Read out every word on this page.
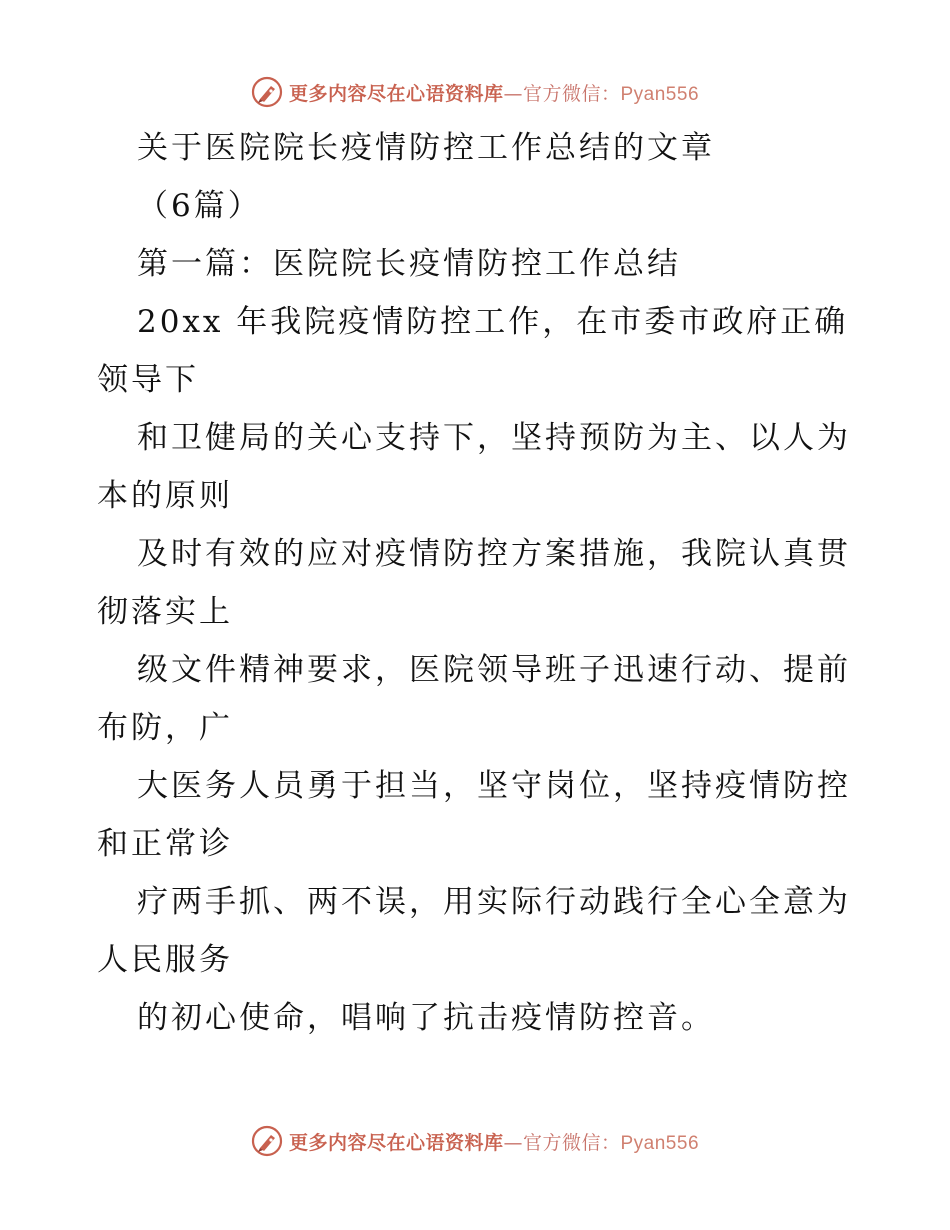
更多内容尽在心语资料库—官方微信：Pyan556
关于医院院长疫情防控工作总结的文章
（6篇）
第一篇：医院院长疫情防控工作总结
20xx 年我院疫情防控工作，在市委市政府正确
领导下
和卫健局的关心支持下，坚持预防为主、以人为
本的原则
及时有效的应对疫情防控方案措施，我院认真贯
彻落实上
级文件精神要求，医院领导班子迅速行动、提前
布防，广
大医务人员勇于担当，坚守岗位，坚持疫情防控
和正常诊
疗两手抓、两不误，用实际行动践行全心全意为
人民服务
的初心使命，唱响了抗击疫情防控音。
更多内容尽在心语资料库—官方微信：Pyan556
